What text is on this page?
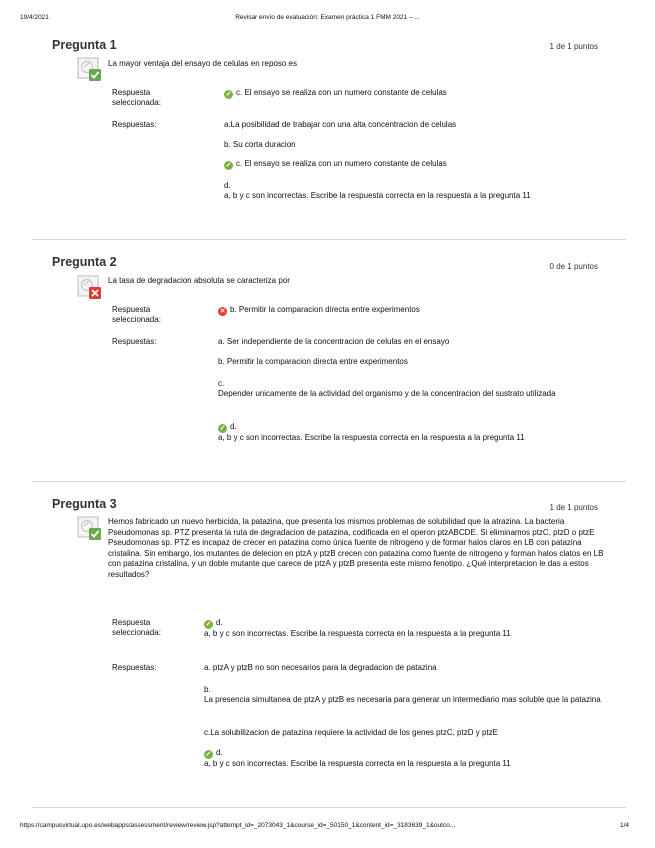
19/4/2021	Revisar envío de evaluación: Examen práctica 1 FMM 2021 – ...
Pregunta 1	1 de 1 puntos
La mayor ventaja del ensayo de celulas en reposo es
Respuesta seleccionada:
✓ c. El ensayo se realiza con un numero constante de celulas
Respuestas:	a.La posibilidad de trabajar con una alta concentracion de celulas
b. Su corta duracion
✓ c. El ensayo se realiza con un numero constante de celulas
d.
a, b y c son incorrectas. Escribe la respuesta correcta en la respuesta a la pregunta 11
Pregunta 2	0 de 1 puntos
La tasa de degradacion absoluta se caracteriza por
Respuesta seleccionada:
✕ b. Permitir la comparacion directa entre experimentos
Respuestas:	a. Ser independiente de la concentracion de celulas en el ensayo
b. Permitir la comparacion directa entre experimentos
c.
Depender unicamente de la actividad del organismo y de la concentracion del sustrato utilizada
✓ d.
a, b y c son incorrectas. Escribe la respuesta correcta en la respuesta a la pregunta 11
Pregunta 3	1 de 1 puntos
Hemos fabricado un nuevo herbicida, la patazina, que presenta los mismos problemas de solubilidad que la atrazina. La bacteria Pseudomonas sp. PTZ presenta la ruta de degradacion de patazina, codificada en el operon ptzABCDE. Si eliminamos ptzC, ptzD o ptzE Pseudomonas sp. PTZ es incapaz de crecer en patazina como única fuente de nitrogeno y de formar halos claros en LB con patazina cristalina. Sin embargo, los mutantes de delecion en ptzA y ptzB crecen con patazina como fuente de nitrogeno y forman halos clatos en LB con patazina cristalina, y un doble mutante que carece de ptzA y ptzB presenta este mismo fenotipo. ¿Qué interpretacion le das a estos resultados?
Respuesta seleccionada:
✓ d.
a, b y c son incorrectas. Escribe la respuesta correcta en la respuesta a la pregunta 11
Respuestas:	a. ptzA y ptzB no son necesarios para la degradacion de patazina
b.
La presencia simultanea de ptzA y ptzB es necesaria para generar un intermediario mas soluble que la patazina
c.La solubilizacion de patazina requiere la actividad de los genes ptzC, ptzD y ptzE
✓ d.
a, b y c son incorrectas. Escribe la respuesta correcta en la respuesta a la pregunta 11
https://campusvirtual.upo.es/webapps/assessment/review/review.jsp?attempt_id=_2073043_1&course_id=_50150_1&content_id=_3183639_1&outco...	1/4
